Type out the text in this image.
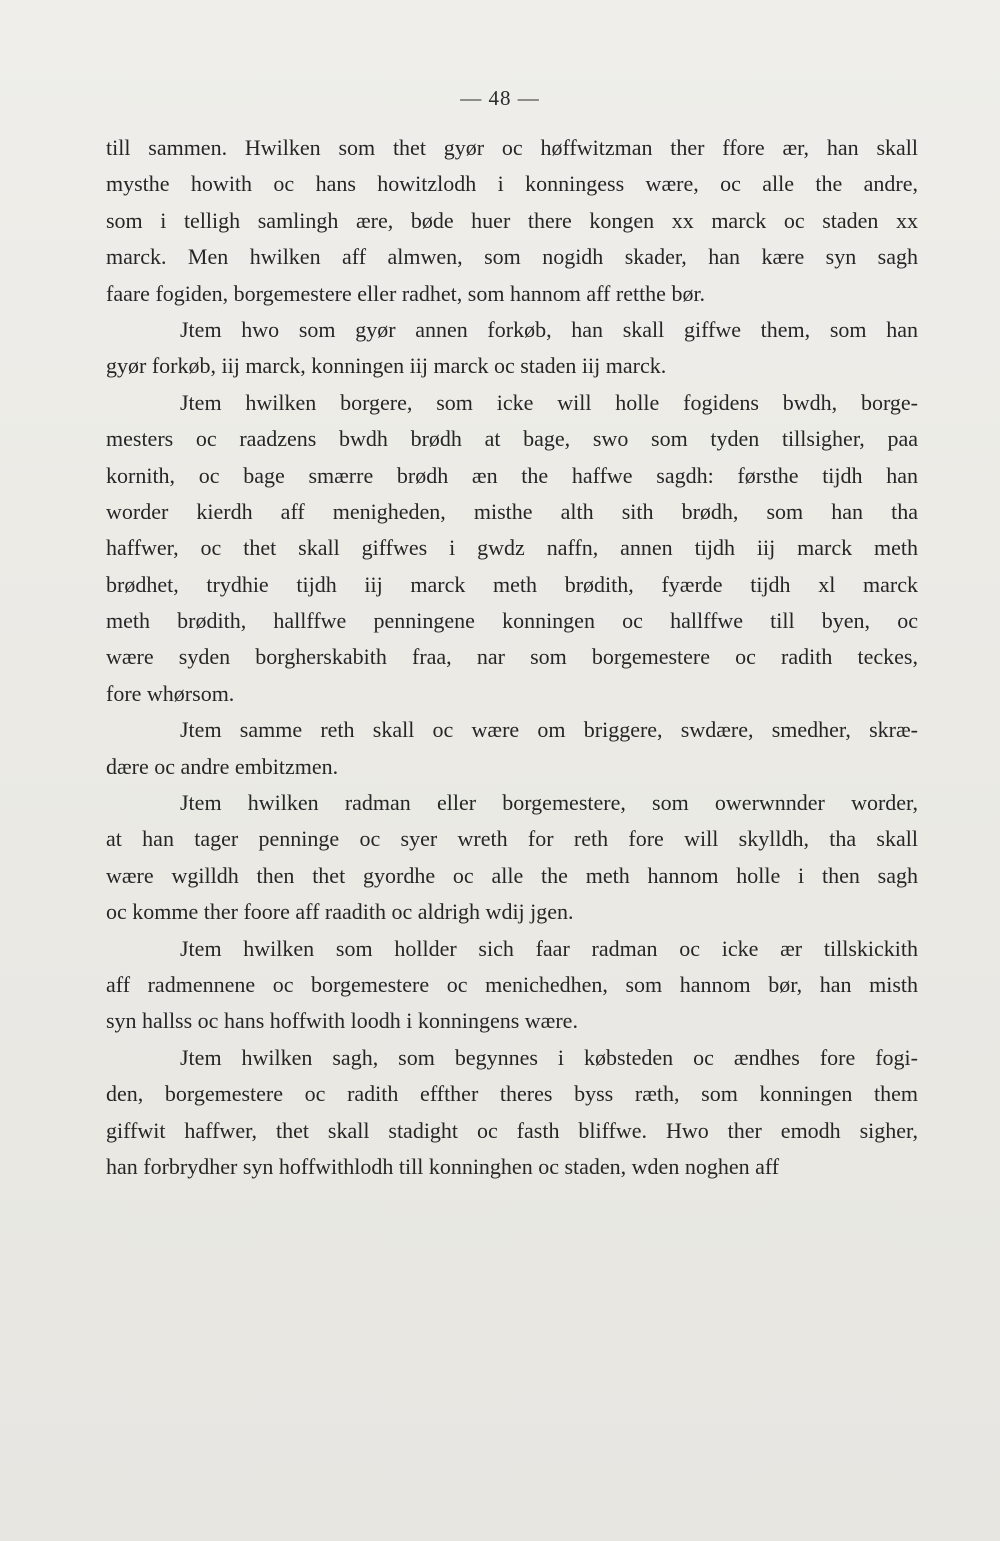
— 48 —
till sammen. Hwilken som thet gyør oc høffwitzman ther ffore ær, han skall
mysthe howith oc hans howitzlodh i konningess wære, oc alle the andre,
som i telligh samlingh ære, bøde huer there kongen xx marck oc staden xx
marck. Men hwilken aff almwen, som nogidh skader, han kære syn sagh
faare fogiden, borgemestere eller radhet, som hannom aff retthe bør.
Jtem hwo som gyør annen forkøb, han skall giffwe them, som han
gyør forkøb, iij marck, konningen iij marck oc staden iij marck.
Jtem hwilken borgere, som icke will holle fogidens bwdh, borge-
mesters oc raadzens bwdh brødh at bage, swo som tyden tillsigher, paa
kornith, oc bage smærre brødh æn the haffwe sagdh: førsthe tijdh han
worder kierdh aff menigheden, misthe alth sith brødh, som han tha
haffwer, oc thet skall giffwes i gwdz naffn, annen tijdh iij marck meth
brødhet, trydhie tijdh iij marck meth brødith, fyærde tijdh xl marck
meth brødith, hallffwe penningene konningen oc hallffwe till byen, oc
wære syden borgherskabith fraa, nar som borgemestere oc radith teckes,
fore whørsom.
Jtem samme reth skall oc wære om briggere, swdære, smedher, skræ-
dære oc andre embitzmen.
Jtem hwilken radman eller borgemestere, som owerwnnder worder,
at han tager penninge oc syer wreth for reth fore will skylldh, tha skall
wære wgilldh then thet gyordhe oc alle the meth hannom holle i then sagh
oc komme ther foore aff raadith oc aldrigh wdij jgen.
Jtem hwilken som hollder sich faar radman oc icke ær tillskickith
aff radmennene oc borgemestere oc menichedhen, som hannom bør, han misth
syn hallss oc hans hoffwith loodh i konningens wære.
Jtem hwilken sagh, som begynnes i købsteden oc ændhes fore fogi-
den, borgemestere oc radith effther theres byss ræth, som konningen them
giffwit haffwer, thet skall stadight oc fasth bliffwe. Hwo ther emodh sigher,
han forbrydher syn hoffwithlodh till konninghen oc staden, wden noghen aff
